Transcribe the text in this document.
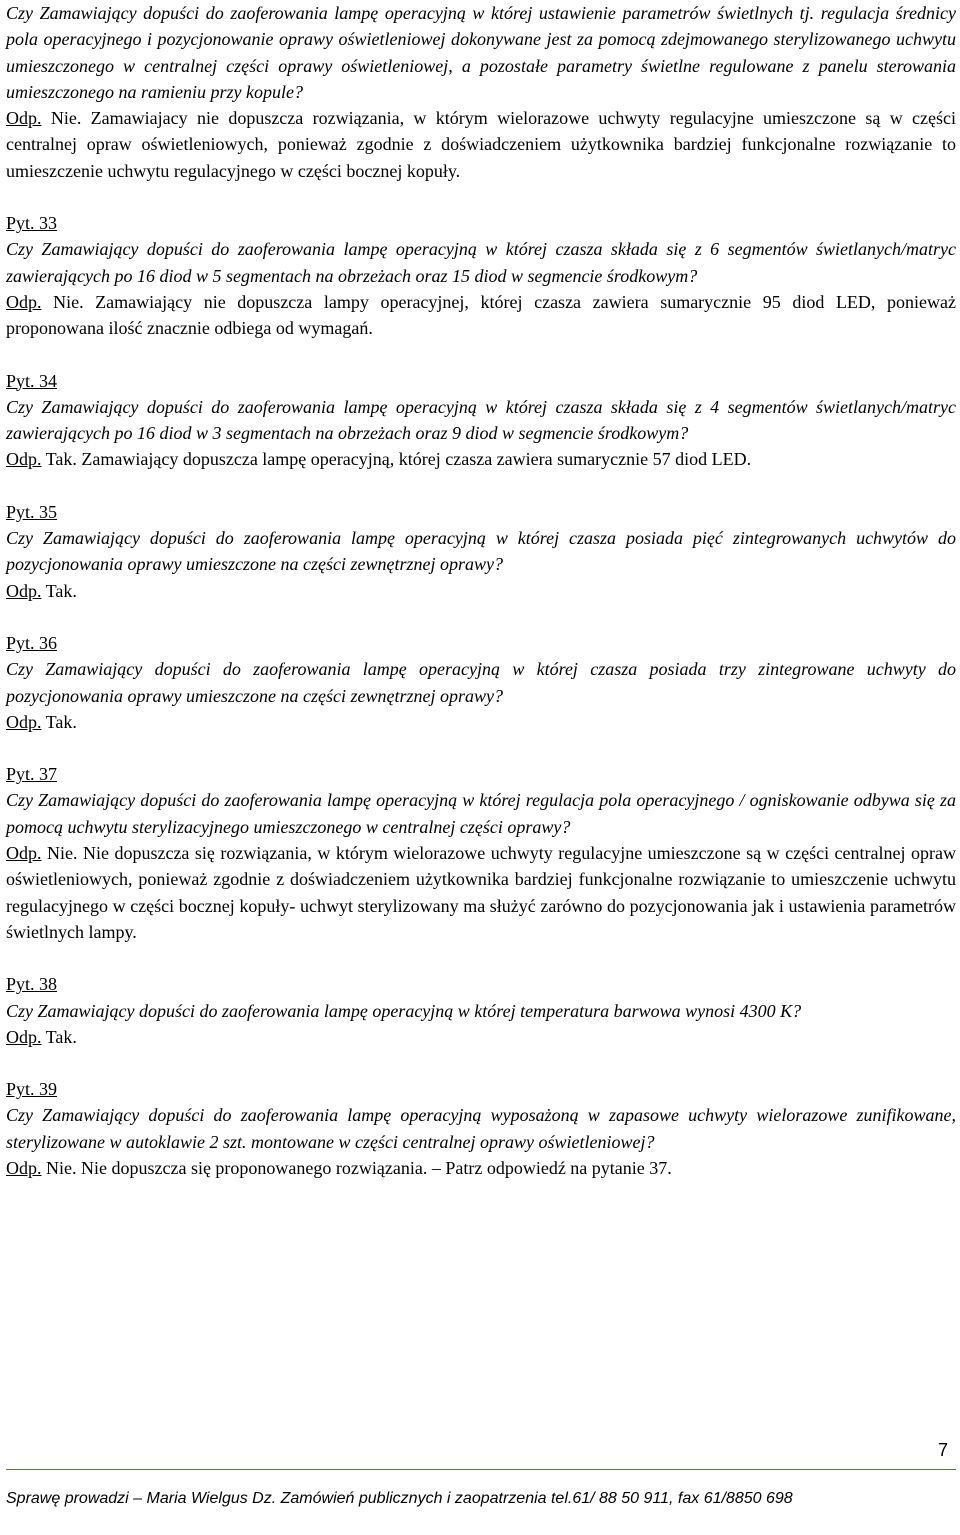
Czy Zamawiający dopuści do zaoferowania lampę operacyjną w której ustawienie parametrów świetlnych tj. regulacja średnicy pola operacyjnego i pozycjonowanie oprawy oświetleniowej dokonywane jest za pomocą zdejmowanego sterylizowanego uchwytu umieszczonego w centralnej części oprawy oświetleniowej, a pozostałe parametry świetlne regulowane z panelu sterowania umieszczonego na ramieniu przy kopule?

Odp. Nie. Zamawiajacy nie dopuszcza rozwiązania, w którym wielorazowe uchwyty regulacyjne umieszczone są w części centralnej opraw oświetleniowych, ponieważ zgodnie z doświadczeniem użytkownika bardziej funkcjonalne rozwiązanie to umieszczenie uchwytu regulacyjnego w części bocznej kopuły.

Pyt. 33

Czy Zamawiający dopuści do zaoferowania lampę operacyjną w której czasza składa się z 6 segmentów świetlanych/matryc zawierających po 16 diod w 5 segmentach na obrzeżach oraz 15 diod w segmencie środkowym?

Odp. Nie. Zamawiający nie dopuszcza lampy operacyjnej, której czasza zawiera sumarycznie 95 diod LED, ponieważ proponowana ilość znacznie odbiega od wymagań.

Pyt. 34

Czy Zamawiający dopuści do zaoferowania lampę operacyjną w której czasza składa się z 4 segmentów świetlanych/matryc zawierających po 16 diod w 3 segmentach na obrzeżach oraz 9 diod w segmencie środkowym?

Odp. Tak. Zamawiający dopuszcza lampę operacyjną, której czasza zawiera sumarycznie 57 diod LED.

Pyt. 35

Czy Zamawiający dopuści do zaoferowania lampę operacyjną w której czasza posiada pięć zintegrowanych uchwytów do pozycjonowania oprawy umieszczone na części zewnętrznej oprawy?

Odp. Tak.

Pyt. 36

Czy Zamawiający dopuści do zaoferowania lampę operacyjną w której czasza posiada trzy zintegrowane uchwyty do pozycjonowania oprawy umieszczone na części zewnętrznej oprawy?

Odp. Tak.

Pyt. 37

Czy Zamawiający dopuści do zaoferowania lampę operacyjną w której regulacja pola operacyjnego / ogniskowanie odbywa się za pomocą uchwytu sterylizacyjnego umieszczonego w centralnej części oprawy?

Odp. Nie. Nie dopuszcza się rozwiązania, w którym wielorazowe uchwyty regulacyjne umieszczone są w części centralnej opraw oświetleniowych, ponieważ zgodnie z doświadczeniem użytkownika bardziej funkcjonalne rozwiązanie to umieszczenie uchwytu regulacyjnego w części bocznej kopuły- uchwyt sterylizowany ma służyć zarówno do pozycjonowania jak i ustawienia parametrów świetlnych lampy.

Pyt. 38

Czy Zamawiający dopuści do zaoferowania lampę operacyjną w której temperatura barwowa wynosi 4300 K?

Odp. Tak.

Pyt. 39

Czy Zamawiający dopuści do zaoferowania lampę operacyjną wyposażoną w zapasowe uchwyty wielorazowe zunifikowane, sterylizowane w autoklawie 2 szt. montowane w części centralnej oprawy oświetleniowej?

Odp. Nie. Nie dopuszcza się proponowanego rozwiązania. – Patrz odpowiedź na pytanie 37.

7
Sprawę prowadzi – Maria Wielgus Dz. Zamówień publicznych i zaopatrzenia tel.61/ 88 50 911, fax 61/8850 698
